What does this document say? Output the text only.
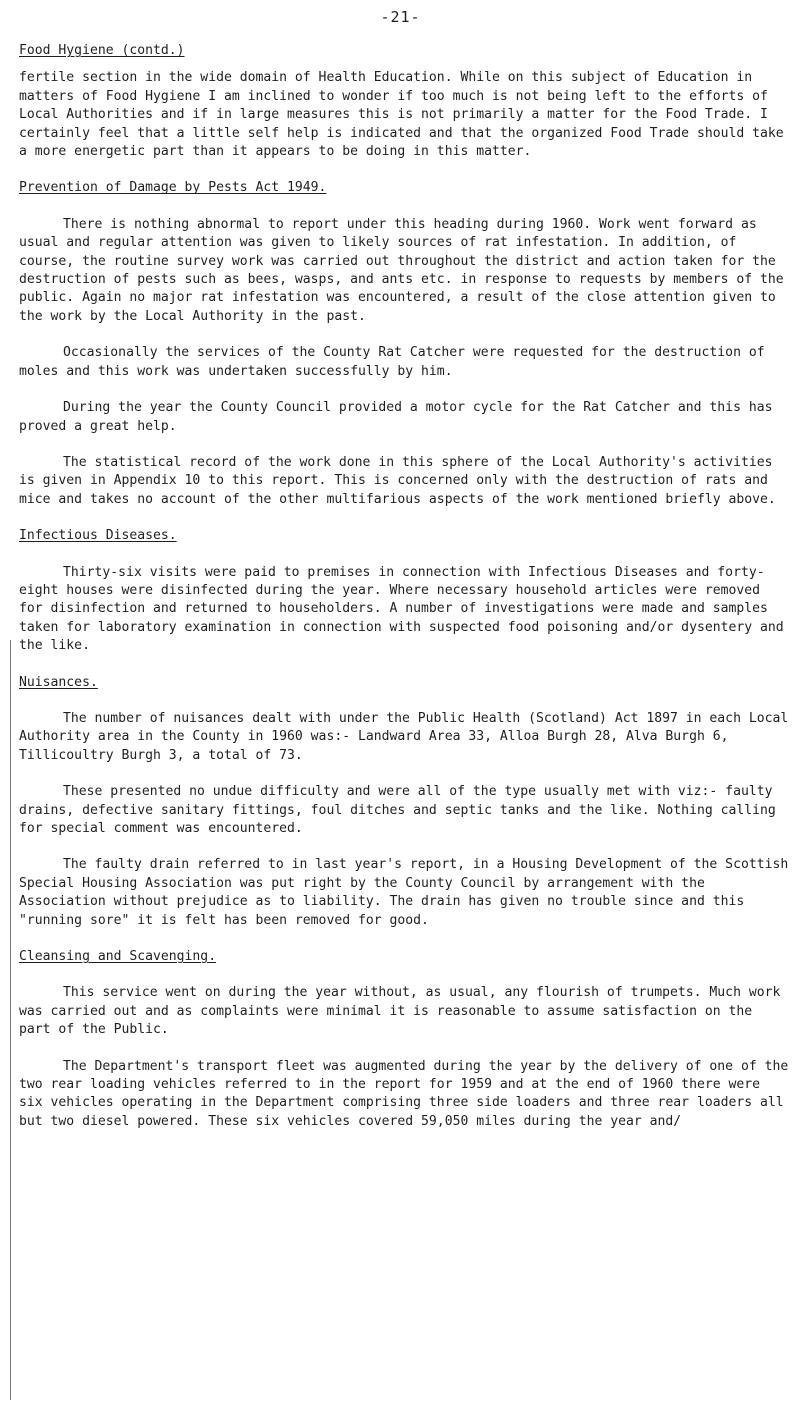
-21-

Food Hygiene (contd.)

fertile section in the wide domain of Health Education. While on this subject of Education in matters of Food Hygiene I am inclined to wonder if too much is not being left to the efforts of Local Authorities and if in large measures this is not primarily a matter for the Food Trade. I certainly feel that a little self help is indicated and that the organized Food Trade should take a more energetic part than it appears to be doing in this matter.

Prevention of Damage by Pests Act 1949.

There is nothing abnormal to report under this heading during 1960. Work went forward as usual and regular attention was given to likely sources of rat infestation. In addition, of course, the routine survey work was carried out throughout the district and action taken for the destruction of pests such as bees, wasps, and ants etc. in response to requests by members of the public. Again no major rat infestation was encountered, a result of the close attention given to the work by the Local Authority in the past.

Occasionally the services of the County Rat Catcher were requested for the destruction of moles and this work was undertaken successfully by him.

During the year the County Council provided a motor cycle for the Rat Catcher and this has proved a great help.

The statistical record of the work done in this sphere of the Local Authority's activities is given in Appendix 10 to this report. This is concerned only with the destruction of rats and mice and takes no account of the other multifarious aspects of the work mentioned briefly above.

Infectious Diseases.

Thirty-six visits were paid to premises in connection with Infectious Diseases and forty-eight houses were disinfected during the year. Where necessary household articles were removed for disinfection and returned to householders. A number of investigations were made and samples taken for laboratory examination in connection with suspected food poisoning and/or dysentery and the like.

Nuisances.

The number of nuisances dealt with under the Public Health (Scotland) Act 1897 in each Local Authority area in the County in 1960 was:- Landward Area 33, Alloa Burgh 28, Alva Burgh 6, Tillicoultry Burgh 3, a total of 73.

These presented no undue difficulty and were all of the type usually met with viz:- faulty drains, defective sanitary fittings, foul ditches and septic tanks and the like. Nothing calling for special comment was encountered.

The faulty drain referred to in last year's report, in a Housing Development of the Scottish Special Housing Association was put right by the County Council by arrangement with the Association without prejudice as to liability. The drain has given no trouble since and this "running sore" it is felt has been removed for good.

Cleansing and Scavenging.

This service went on during the year without, as usual, any flourish of trumpets. Much work was carried out and as complaints were minimal it is reasonable to assume satisfaction on the part of the Public.

The Department's transport fleet was augmented during the year by the delivery of one of the two rear loading vehicles referred to in the report for 1959 and at the end of 1960 there were six vehicles operating in the Department comprising three side loaders and three rear loaders all but two diesel powered. These six vehicles covered 59,050 miles during the year and/
